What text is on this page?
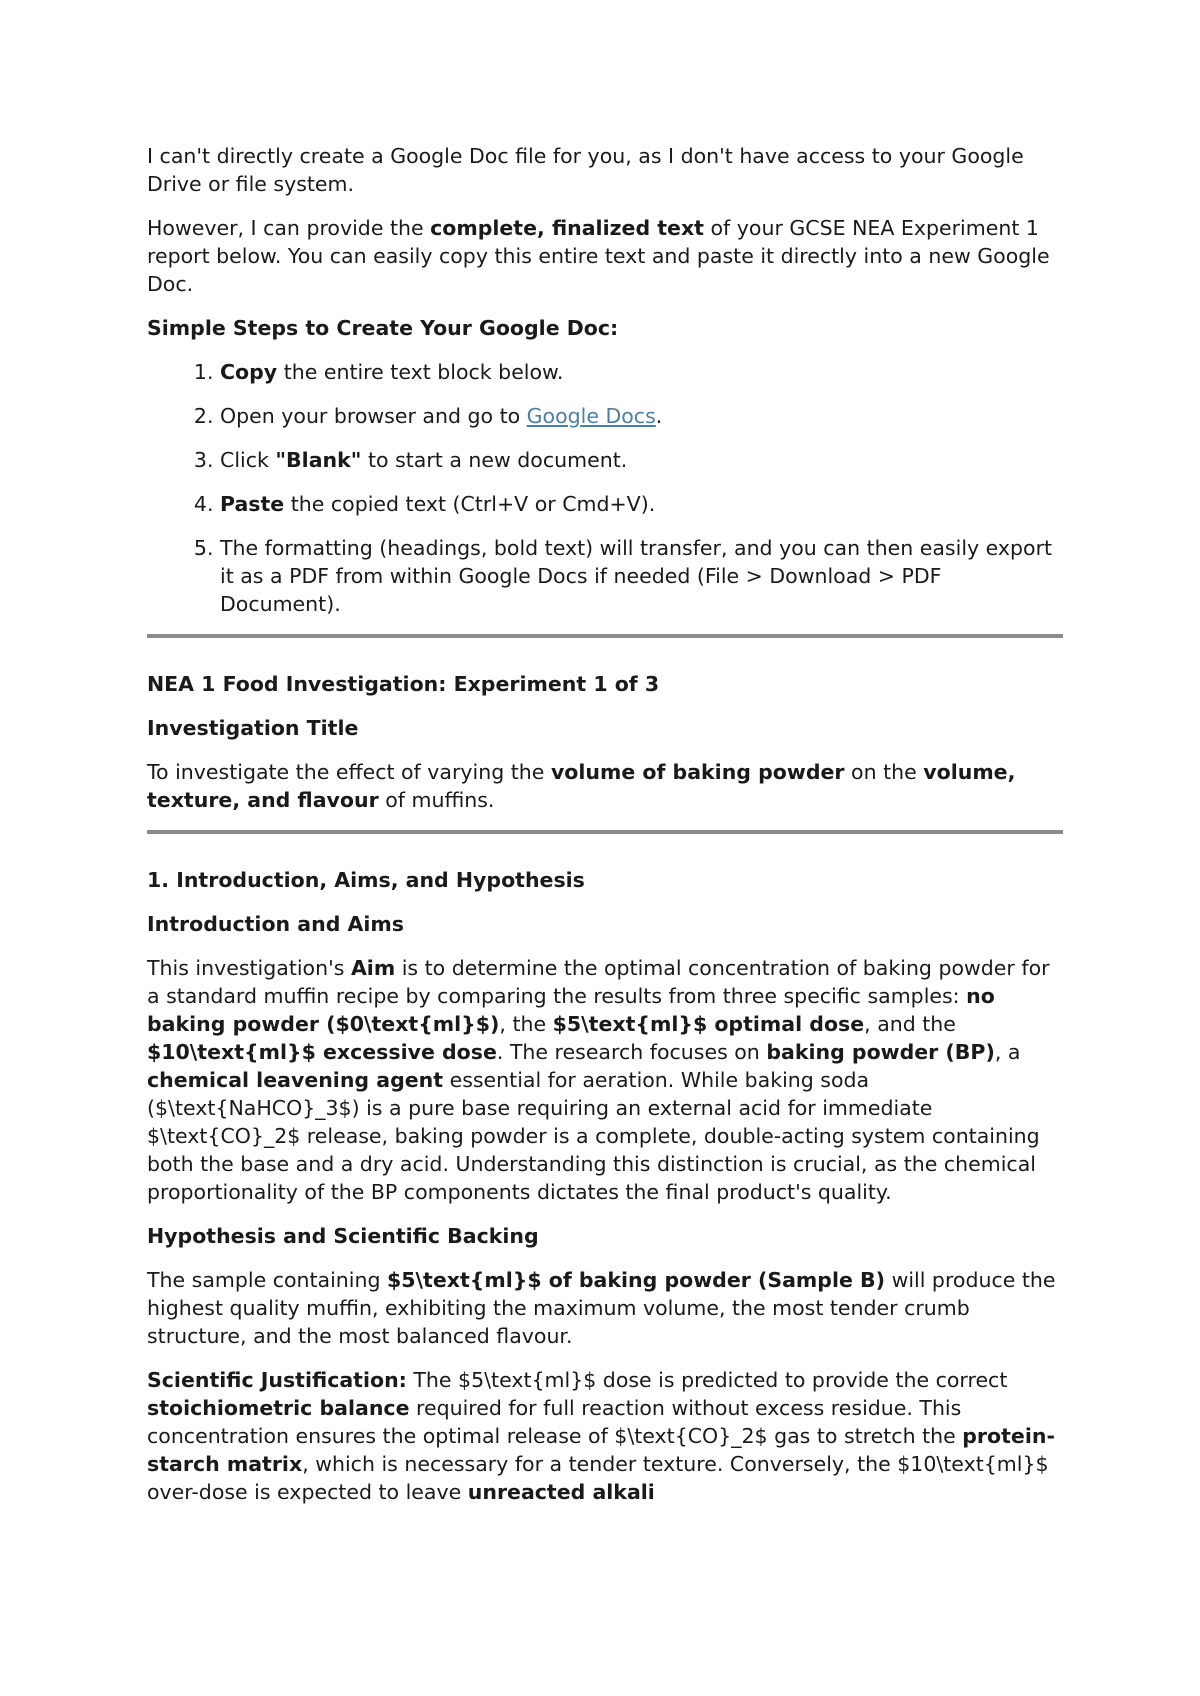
I can't directly create a Google Doc file for you, as I don't have access to your Google Drive or file system.

However, I can provide the complete, finalized text of your GCSE NEA Experiment 1 report below. You can easily copy this entire text and paste it directly into a new Google Doc.

Simple Steps to Create Your Google Doc:
1. Copy the entire text block below.
2. Open your browser and go to Google Docs.
3. Click "Blank" to start a new document.
4. Paste the copied text (Ctrl+V or Cmd+V).
5. The formatting (headings, bold text) will transfer, and you can then easily export it as a PDF from within Google Docs if needed (File > Download > PDF Document).
NEA 1 Food Investigation: Experiment 1 of 3
Investigation Title

To investigate the effect of varying the volume of baking powder on the volume, texture, and flavour of muffins.

1. Introduction, Aims, and Hypothesis
Introduction and Aims

This investigation's Aim is to determine the optimal concentration of baking powder for a standard muffin recipe by comparing the results from three specific samples: no baking powder ($0\text{ml}$), the $5\text{ml}$ optimal dose, and the $10\text{ml}$ excessive dose. The research focuses on baking powder (BP), a chemical leavening agent essential for aeration. While baking soda ($\text{NaHCO}_3$) is a pure base requiring an external acid for immediate $\text{CO}_2$ release, baking powder is a complete, double-acting system containing both the base and a dry acid. Understanding this distinction is crucial, as the chemical proportionality of the BP components dictates the final product's quality.

Hypothesis and Scientific Backing

The sample containing $5\text{ml}$ of baking powder (Sample B) will produce the highest quality muffin, exhibiting the maximum volume, the most tender crumb structure, and the most balanced flavour.

Scientific Justification: The $5\text{ml}$ dose is predicted to provide the correct stoichiometric balance required for full reaction without excess residue. This concentration ensures the optimal release of $\text{CO}_2$ gas to stretch the protein-starch matrix, which is necessary for a tender texture. Conversely, the $10\text{ml}$ over-dose is expected to leave unreacted alkali
